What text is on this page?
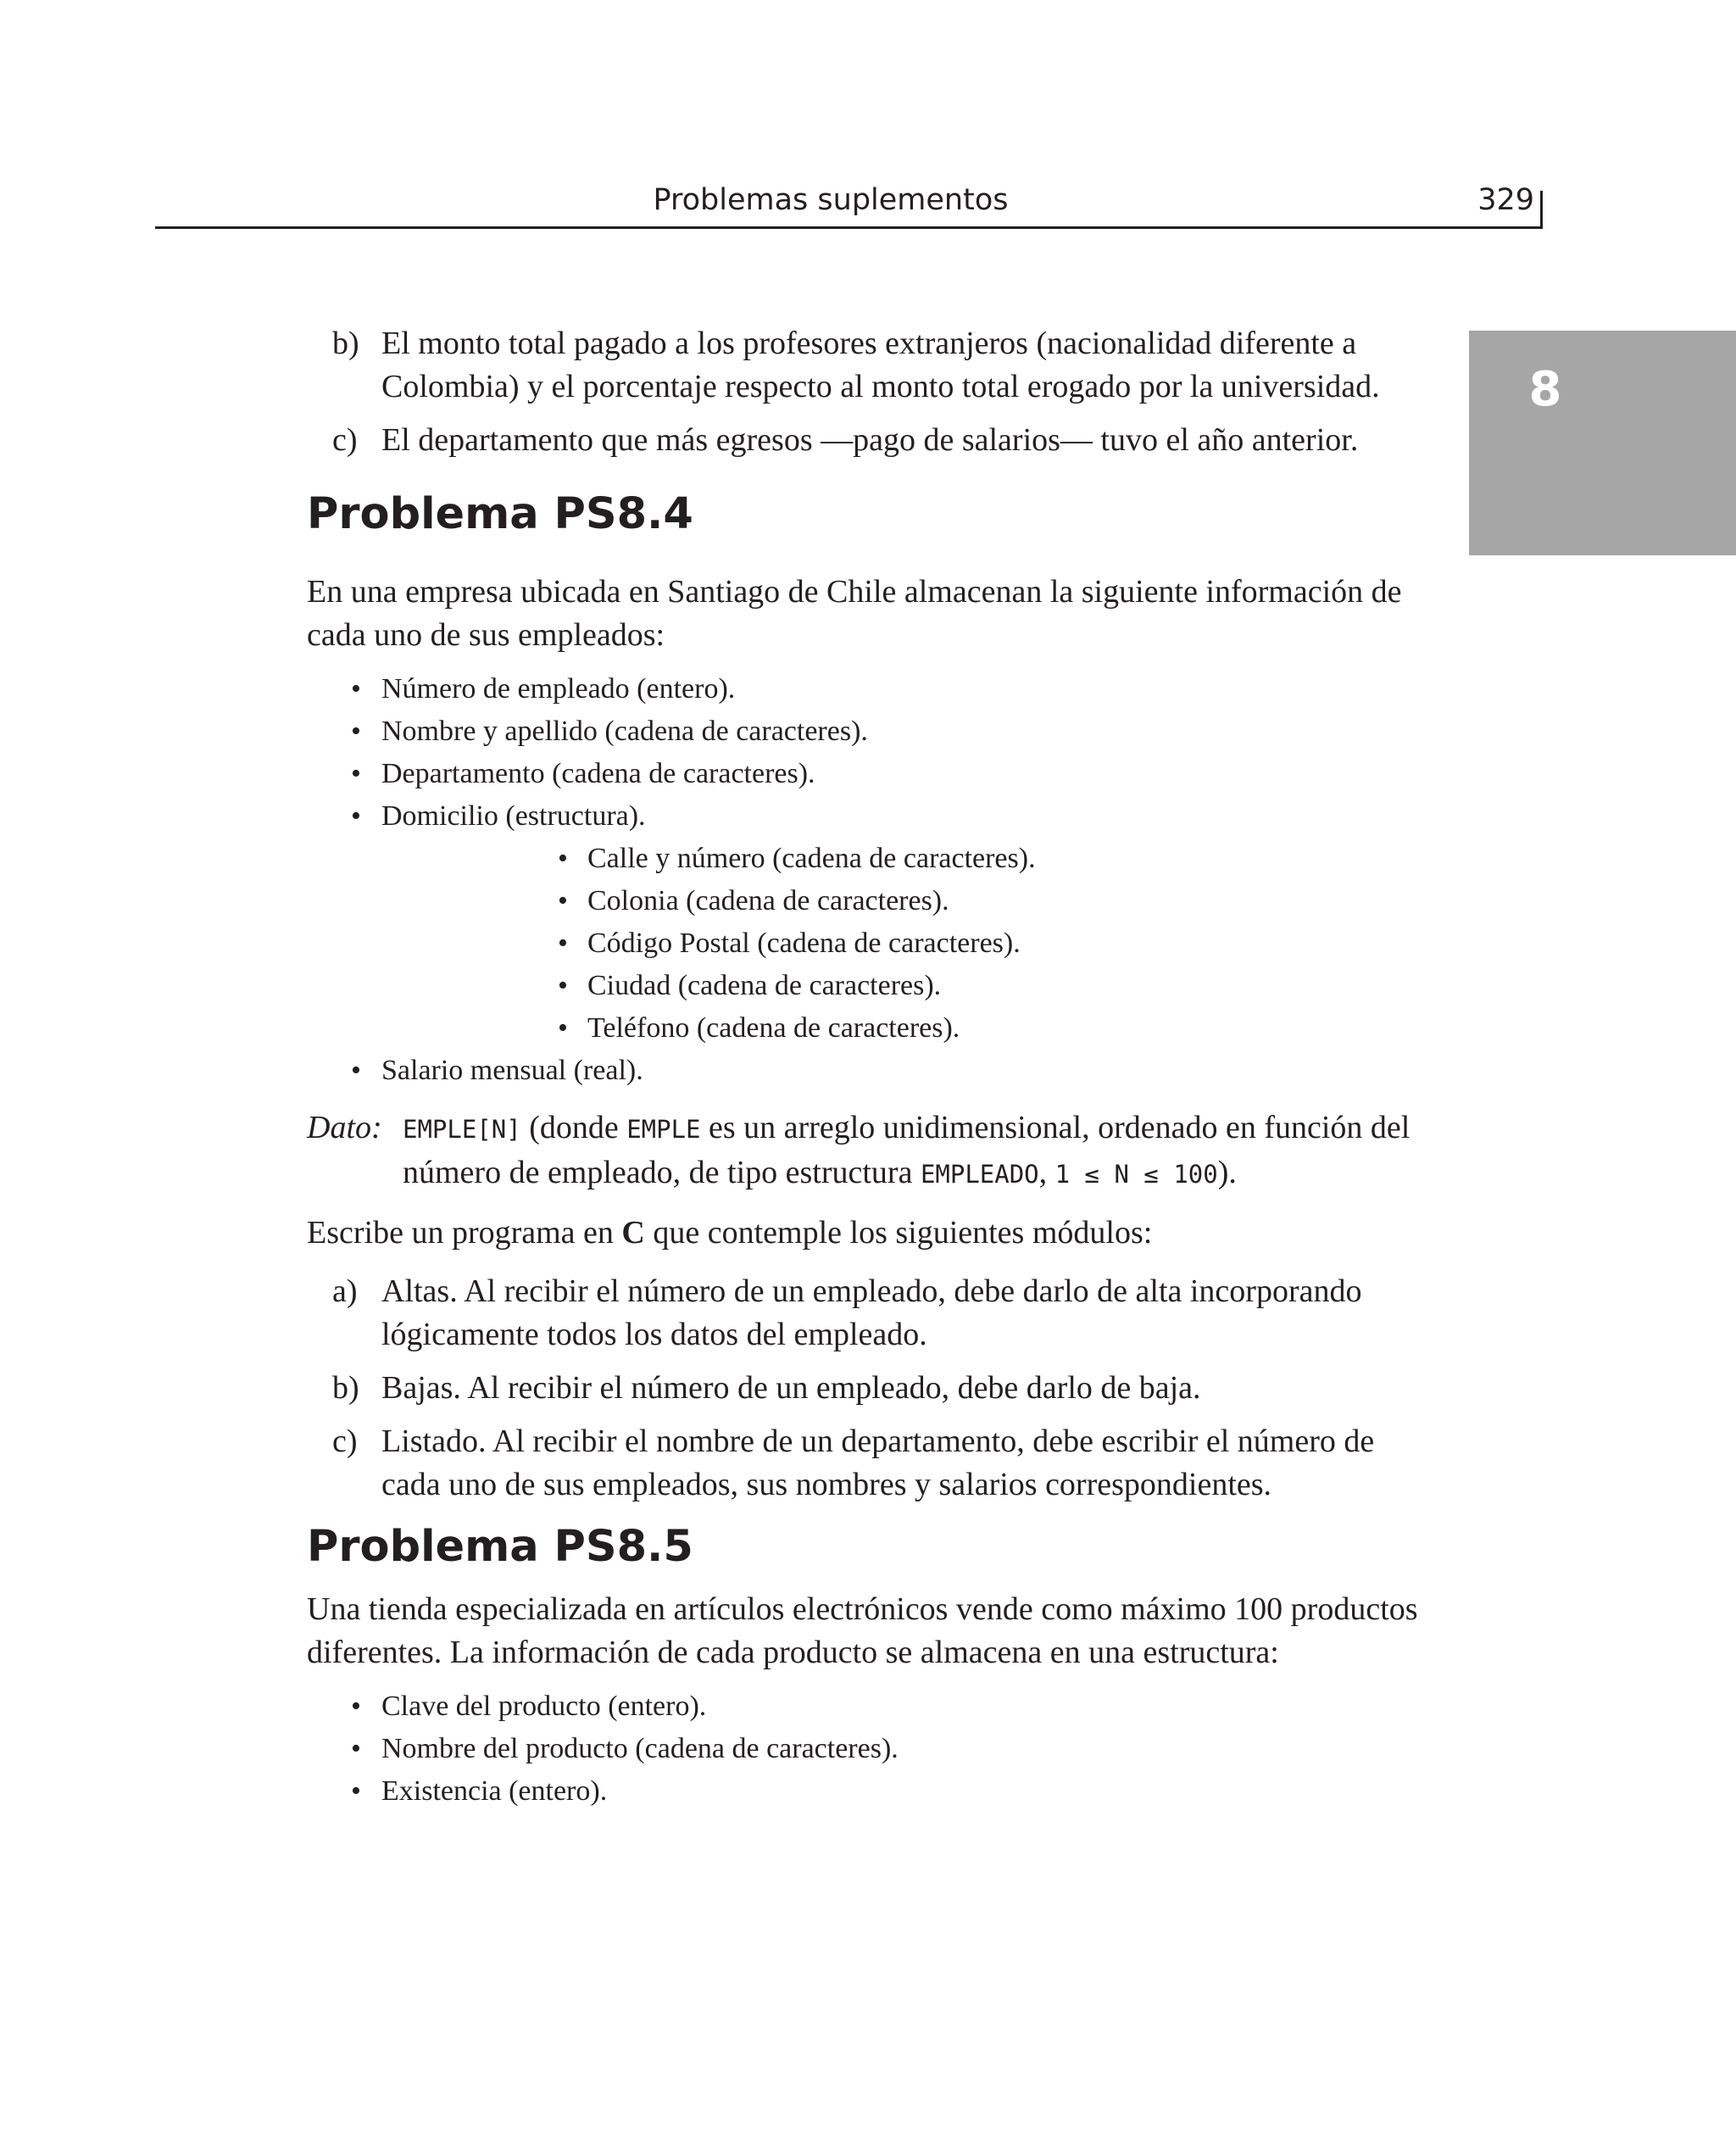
Problemas suplementos	329
8
b) El monto total pagado a los profesores extranjeros (nacionalidad diferente a Colombia) y el porcentaje respecto al monto total erogado por la universidad.
c) El departamento que más egresos —pago de salarios— tuvo el año anterior.
Problema PS8.4

En una empresa ubicada en Santiago de Chile almacenan la siguiente información de cada uno de sus empleados:

• Número de empleado (entero).
• Nombre y apellido (cadena de caracteres).
• Departamento (cadena de caracteres).
• Domicilio (estructura).
• Calle y número (cadena de caracteres).
• Colonia (cadena de caracteres).
• Código Postal (cadena de caracteres).
• Ciudad (cadena de caracteres).
• Teléfono (cadena de caracteres).
• Salario mensual (real).
Dato: EMPLE[N] (donde EMPLE es un arreglo unidimensional, ordenado en función del número de empleado, de tipo estructura EMPLEADO, 1 ≤ N ≤ 100).

Escribe un programa en C que contemple los siguientes módulos:

a) Altas. Al recibir el número de un empleado, debe darlo de alta incorporando lógicamente todos los datos del empleado.
b) Bajas. Al recibir el número de un empleado, debe darlo de baja.
c) Listado. Al recibir el nombre de un departamento, debe escribir el número de cada uno de sus empleados, sus nombres y salarios correspondientes.
Problema PS8.5

Una tienda especializada en artículos electrónicos vende como máximo 100 productos diferentes. La información de cada producto se almacena en una estructura:

• Clave del producto (entero).
• Nombre del producto (cadena de caracteres).
• Existencia (entero).
